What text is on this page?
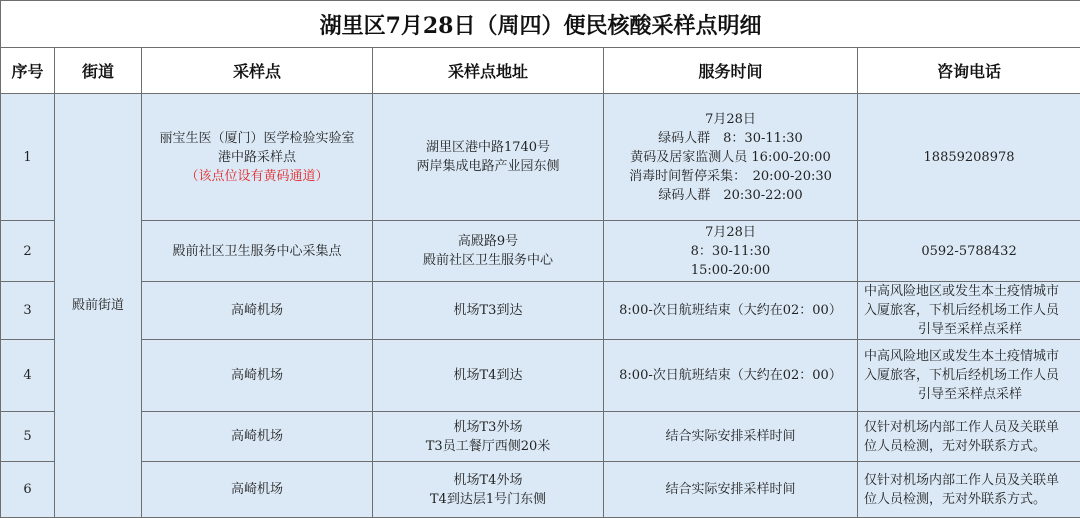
湖里区7月28日（周四）便民核酸采样点明细					
序号	街道	采样点	采样点地址	服务时间	咨询电话
1	殿前街道	丽宝生医（厦门）医学检验实验室
港中路采样点
（该点位设有黄码通道）	湖里区港中路1740号
两岸集成电路产业园东侧	7月28日
绿码人群　8：30-11:30
黄码及居家监测人员 16:00-20:00
消毒时间暂停采集：　20:00-20:30
绿码人群　20:30-22:00	18859208978

2		殿前社区卫生服务中心采集点	高殿路9号
殿前社区卫生服务中心	7月28日
8：30-11:30
15:00-20:00	0592-5788432

3		高崎机场	机场T3到达	8:00-次日航班结束（大约在02：00）	中高风险地区或发生本土疫情城市
入厦旅客，下机后经机场工作人员
引导至采样点采样

4		高崎机场	机场T4到达	8:00-次日航班结束（大约在02：00）	中高风险地区或发生本土疫情城市
入厦旅客，下机后经机场工作人员
引导至采样点采样

5		高崎机场	机场T3外场
T3员工餐厅西侧20米	结合实际安排采样时间	仅针对机场内部工作人员及关联单
位人员检测，无对外联系方式。

6		高崎机场	机场T4外场
T4到达层1号门东侧	结合实际安排采样时间	仅针对机场内部工作人员及关联单
位人员检测，无对外联系方式。
